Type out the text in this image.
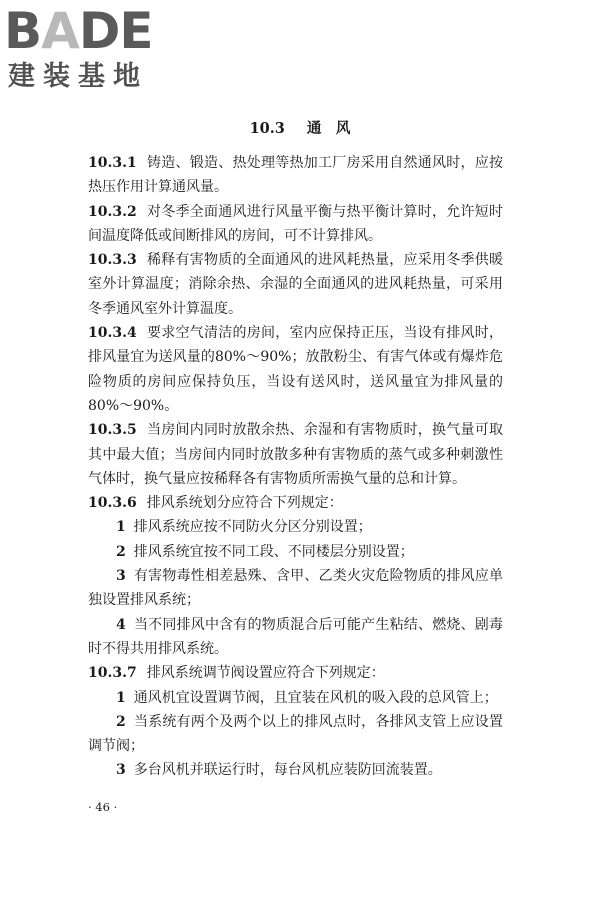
BADE
建装基地
10.3 通　风

10.3.1 铸造、锻造、热处理等热加工厂房采用自然通风时，应按热压作用计算通风量。

10.3.2 对冬季全面通风进行风量平衡与热平衡计算时，允许短时间温度降低或间断排风的房间，可不计算排风。

10.3.3 稀释有害物质的全面通风的进风耗热量，应采用冬季供暖室外计算温度；消除余热、余湿的全面通风的进风耗热量，可采用冬季通风室外计算温度。

10.3.4 要求空气清洁的房间，室内应保持正压，当设有排风时，排风量宜为送风量的80%～90%；放散粉尘、有害气体或有爆炸危险物质的房间应保持负压，当设有送风时，送风量宜为排风量的80%～90%。

10.3.5 当房间内同时放散余热、余湿和有害物质时，换气量可取其中最大值；当房间内同时放散多种有害物质的蒸气或多种刺激性气体时，换气量应按稀释各有害物质所需换气量的总和计算。

10.3.6 排风系统划分应符合下列规定：

1 排风系统应按不同防火分区分别设置；

2 排风系统宜按不同工段、不同楼层分别设置；

3 有害物毒性相差悬殊、含甲、乙类火灾危险物质的排风应单独设置排风系统；

4 当不同排风中含有的物质混合后可能产生粘结、燃烧、剧毒时不得共用排风系统。

10.3.7 排风系统调节阀设置应符合下列规定：

1 通风机宜设置调节阀，且宜装在风机的吸入段的总风管上；

2 当系统有两个及两个以上的排风点时，各排风支管上应设置调节阀；

3 多台风机并联运行时，每台风机应装防回流装置。

· 46 ·
